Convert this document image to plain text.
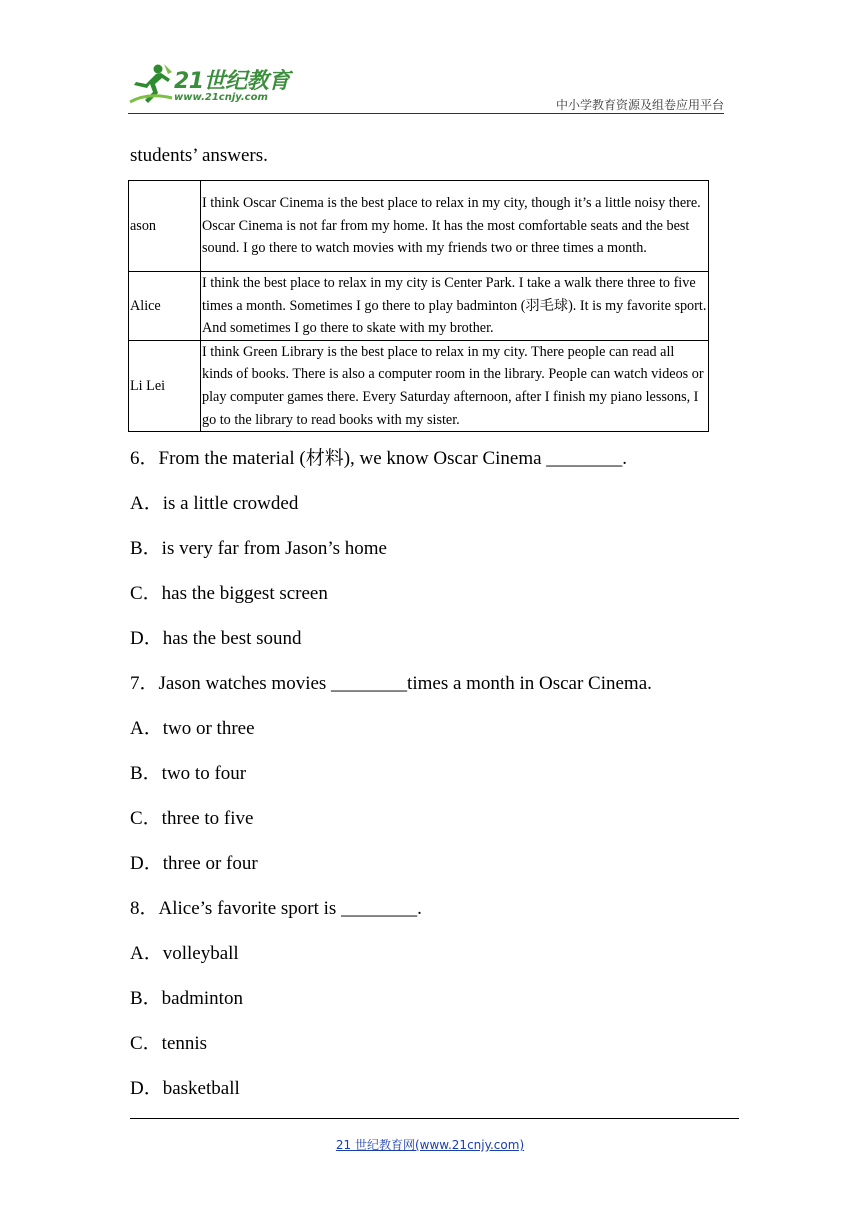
21世纪教育
www.21cnjy.com
中小学教育资源及组卷应用平台
students’ answers.
ason	I think Oscar Cinema is the best place to relax in my city, though it’s a little noisy there. Oscar Cinema is not far from my home. It has the most comfortable seats and the best sound. I go there to watch movies with my friends two or three times a month.
Alice	I think the best place to relax in my city is Center Park. I take a walk there three to five times a month. Sometimes I go there to play badminton (羽毛球). It is my favorite sport. And sometimes I go there to skate with my brother.
Li Lei	I think Green Library is the best place to relax in my city. There people can read all kinds of books. There is also a computer room in the library. People can watch videos or play computer games there. Every Saturday afternoon, after I finish my piano lessons, I go to the library to read books with my sister.
6．From the material (材料), we know Oscar Cinema ________.
A．is a little crowded
B．is very far from Jason’s home
C．has the biggest screen
D．has the best sound
7．Jason watches movies ________times a month in Oscar Cinema.
A．two or three
B．two to four
C．three to five
D．three or four
8．Alice’s favorite sport is ________.
A．volleyball
B．badminton
C．tennis
D．basketball
21 世纪教育网(www.21cnjy.com)
